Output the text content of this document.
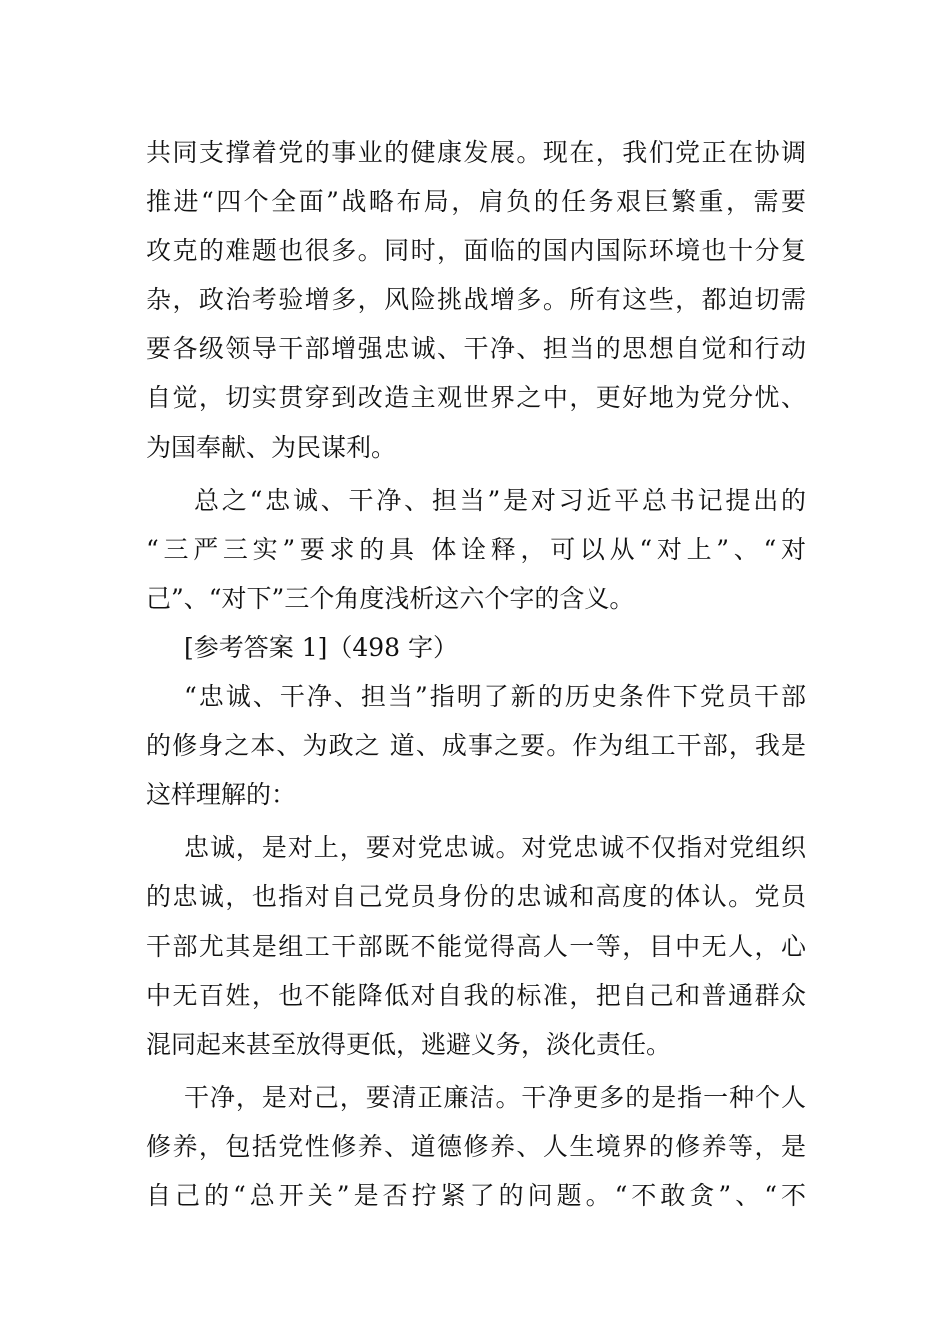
共同支撑着党的事业的健康发展。现在，我们党正在协调
推进“四个全面”战略布局，肩负的任务艰巨繁重，需要
攻克的难题也很多。同时，面临的国内国际环境也十分复
杂，政治考验增多，风险挑战增多。所有这些，都迫切需
要各级领导干部增强忠诚、干净、担当的思想自觉和行动
自觉，切实贯穿到改造主观世界之中，更好地为党分忧、
为国奉献、为民谋利。
总之“忠诚、干净、担当”是对习近平总书记提出的
“三严三实”要求的具 体诠释，可以从“对上”、“对
己”、“对下”三个角度浅析这六个字的含义。
[参考答案 1]（498 字）
“忠诚、干净、担当”指明了新的历史条件下党员干部
的修身之本、为政之 道、成事之要。作为组工干部，我是
这样理解的：
忠诚，是对上，要对党忠诚。对党忠诚不仅指对党组织
的忠诚，也指对自己党员身份的忠诚和高度的体认。党员
干部尤其是组工干部既不能觉得高人一等，目中无人，心
中无百姓，也不能降低对自我的标准，把自己和普通群众
混同起来甚至放得更低，逃避义务，淡化责任。
干净，是对己，要清正廉洁。干净更多的是指一种个人
修养，包括党性修养、道德修养、人生境界的修养等，是
自己的“总开关”是否拧紧了的问题。“不敢贪”、“不
